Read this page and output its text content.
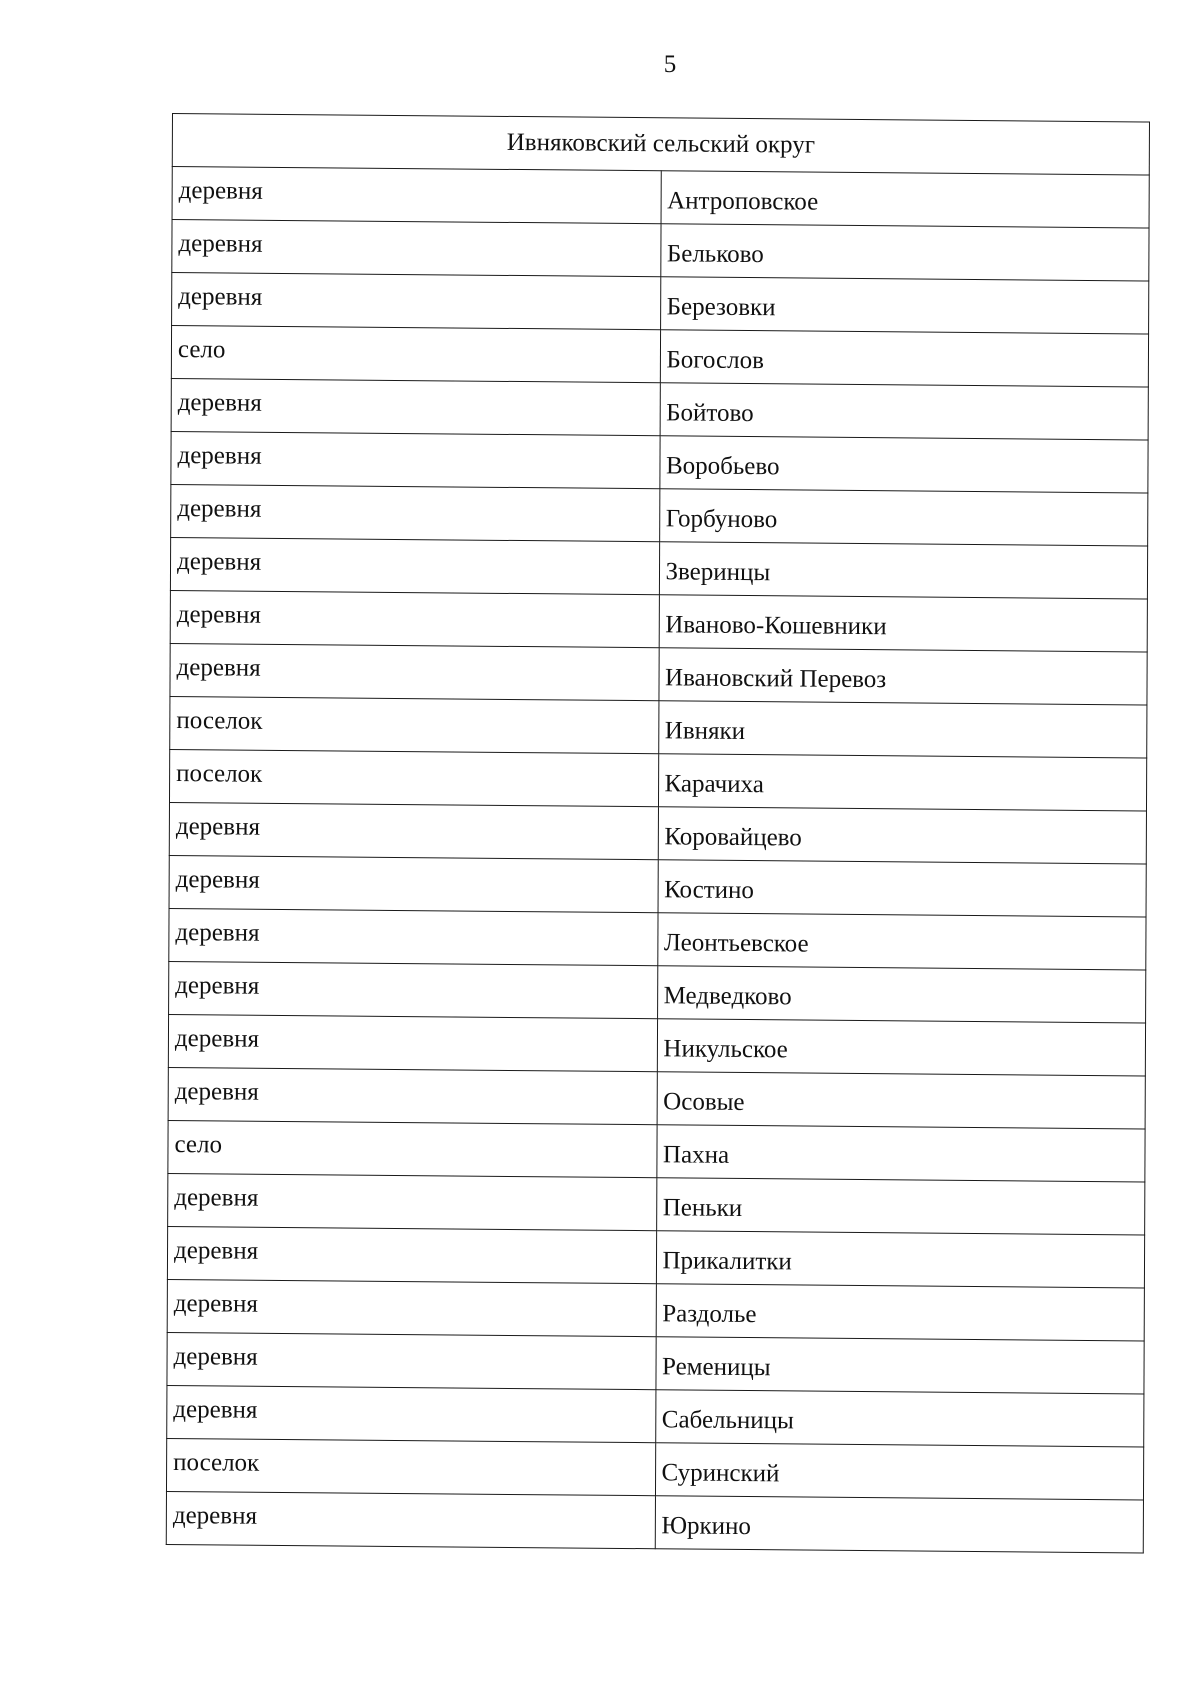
5
Ивняковский сельский округ	
деревня	Антроповское
деревня	Бельково
деревня	Березовки
село	Богослов
деревня	Бойтово
деревня	Воробьево
деревня	Горбуново
деревня	Зверинцы
деревня	Иваново-Кошевники
деревня	Ивановский Перевоз
поселок	Ивняки
поселок	Карачиха
деревня	Коровайцево
деревня	Костино
деревня	Леонтьевское
деревня	Медведково
деревня	Никульское
деревня	Осовые
село	Пахна
деревня	Пеньки
деревня	Прикалитки
деревня	Раздолье
деревня	Ременицы
деревня	Сабельницы
поселок	Суринский
деревня	Юркино
